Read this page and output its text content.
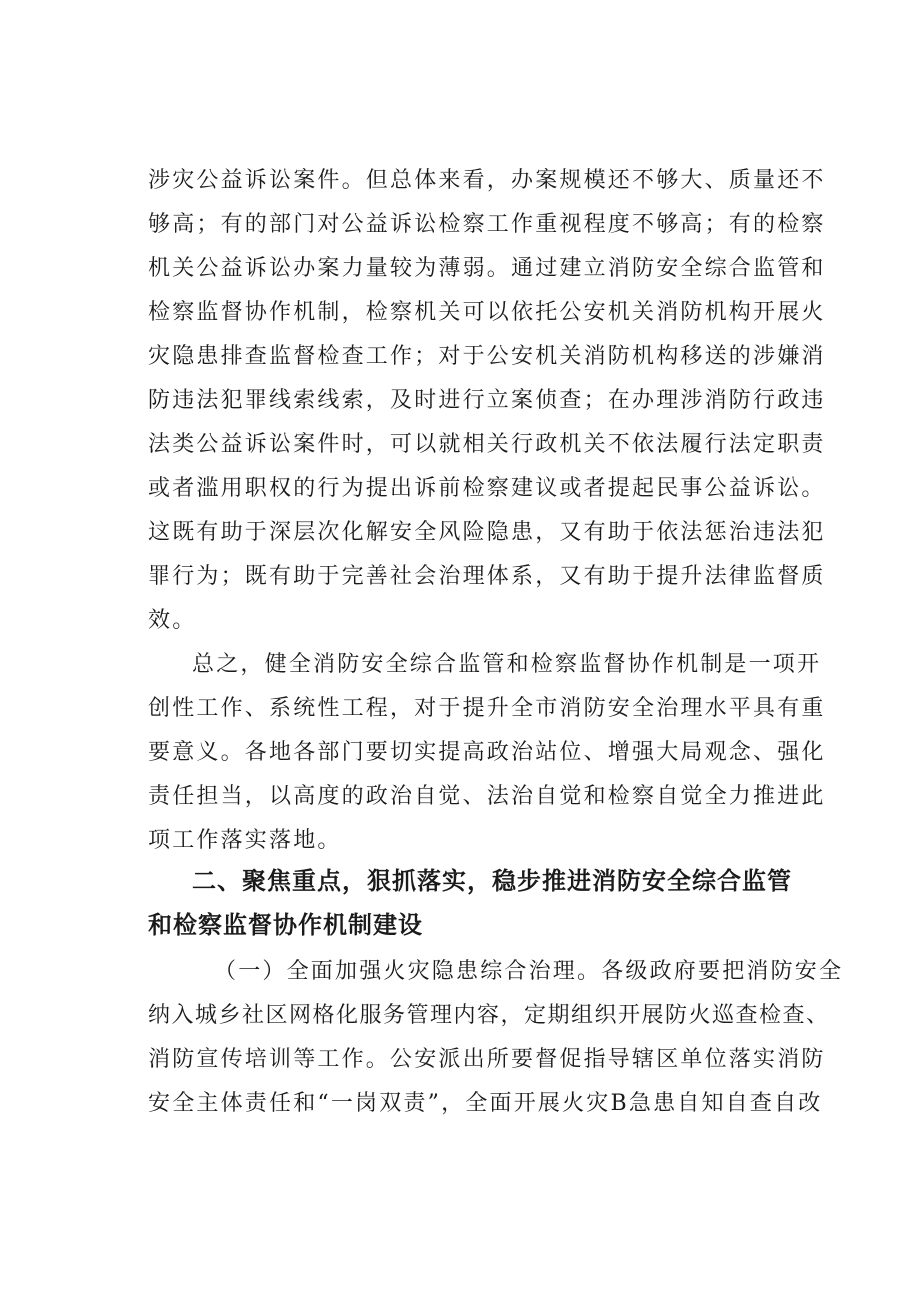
涉灾公益诉讼案件。但总体来看，办案规模还不够大、质量还不
够高；有的部门对公益诉讼检察工作重视程度不够高；有的检察
机关公益诉讼办案力量较为薄弱。通过建立消防安全综合监管和
检察监督协作机制，检察机关可以依托公安机关消防机构开展火
灾隐患排查监督检查工作；对于公安机关消防机构移送的涉嫌消
防违法犯罪线索线索，及时进行立案侦查；在办理涉消防行政违
法类公益诉讼案件时，可以就相关行政机关不依法履行法定职责
或者滥用职权的行为提出诉前检察建议或者提起民事公益诉讼。
这既有助于深层次化解安全风险隐患，又有助于依法惩治违法犯
罪行为；既有助于完善社会治理体系，又有助于提升法律监督质
效。
总之，健全消防安全综合监管和检察监督协作机制是一项开
创性工作、系统性工程，对于提升全市消防安全治理水平具有重
要意义。各地各部门要切实提高政治站位、增强大局观念、强化
责任担当，以高度的政治自觉、法治自觉和检察自觉全力推进此
项工作落实落地。
二、聚焦重点，狠抓落实，稳步推进消防安全综合监管
和检察监督协作机制建设
（一）全面加强火灾隐患综合治理。各级政府要把消防安全
纳入城乡社区网格化服务管理内容，定期组织开展防火巡查检查、
消防宣传培训等工作。公安派出所要督促指导辖区单位落实消防
安全主体责任和“一岗双责”，全面开展火灾B急患自知自查自改
